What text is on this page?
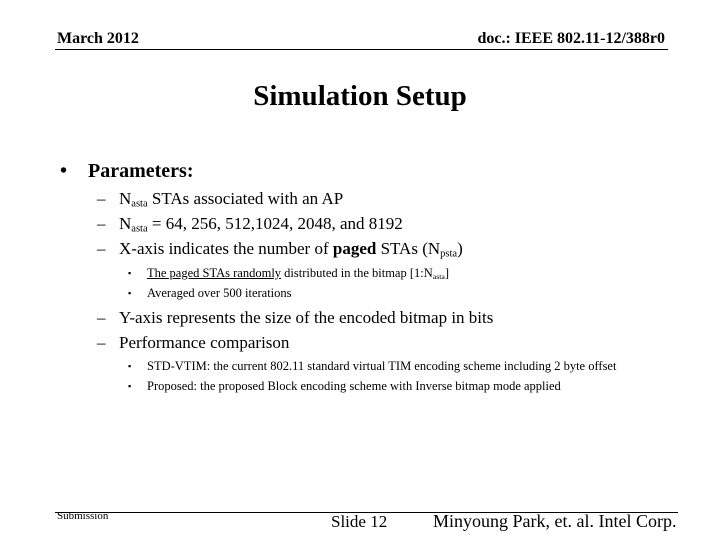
March 2012	doc.: IEEE 802.11-12/388r0
Simulation Setup
• Parameters:
– $N_{asta}$ STAs associated with an AP
– $N_{asta} = 64$, 256, 512,1024, 2048, and 8192
– X-axis indicates the number of paged STAs $(N_{psta})$
▪ The paged STAs randomly distributed in the bitmap $[1:N_{asta}]$
▪ Averaged over 500 iterations
– Y-axis represents the size of the encoded bitmap in bits
– Performance comparison
▪ STD-VTIM: the current 802.11 standard virtual TIM encoding scheme including 2 byte offset
▪ Proposed: the proposed Block encoding scheme with Inverse bitmap mode applied
Submission	Slide 12	Minyoung Park, et. al. Intel Corp.
